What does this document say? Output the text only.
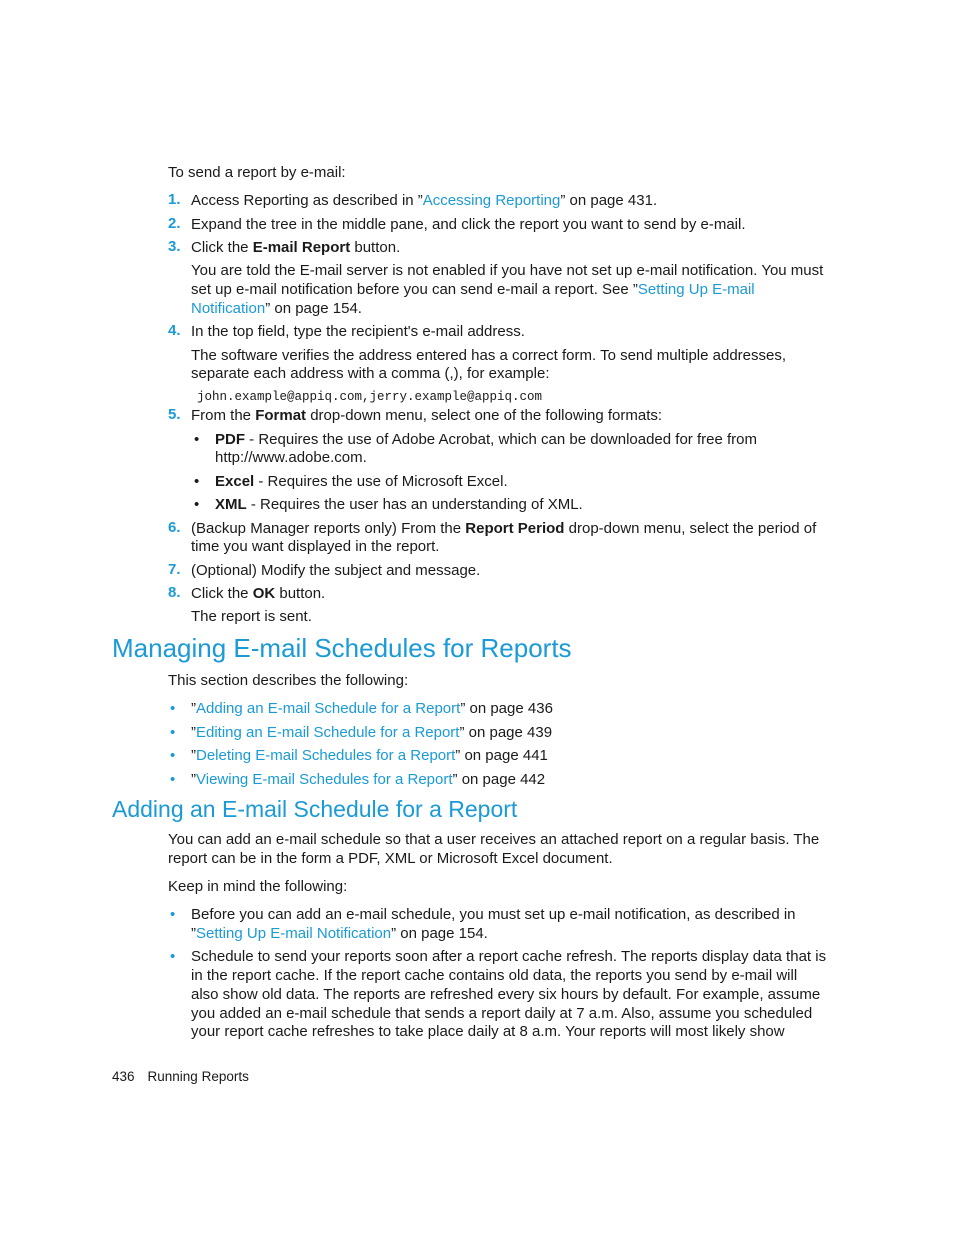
To send a report by e-mail:
1. Access Reporting as described in ”Accessing Reporting” on page 431.
2. Expand the tree in the middle pane, and click the report you want to send by e-mail.
3. Click the E-mail Report button.
You are told the E-mail server is not enabled if you have not set up e-mail notification. You must
set up e-mail notification before you can send e-mail a report. See ”Setting Up E-mail
Notification” on page 154.
4. In the top field, type the recipient's e-mail address.
The software verifies the address entered has a correct form. To send multiple addresses,
separate each address with a comma (,), for example:
john.example@appiq.com,jerry.example@appiq.com
5. From the Format drop-down menu, select one of the following formats:
• PDF - Requires the use of Adobe Acrobat, which can be downloaded for free from
http://www.adobe.com.
• Excel - Requires the use of Microsoft Excel.
• XML - Requires the user has an understanding of XML.
6. (Backup Manager reports only) From the Report Period drop-down menu, select the period of
time you want displayed in the report.
7. (Optional) Modify the subject and message.
8. Click the OK button.
The report is sent.
Managing E-mail Schedules for Reports
This section describes the following:
• ”Adding an E-mail Schedule for a Report” on page 436
• ”Editing an E-mail Schedule for a Report” on page 439
• ”Deleting E-mail Schedules for a Report” on page 441
• ”Viewing E-mail Schedules for a Report” on page 442
Adding an E-mail Schedule for a Report
You can add an e-mail schedule so that a user receives an attached report on a regular basis. The
report can be in the form a PDF, XML or Microsoft Excel document.
Keep in mind the following:
• Before you can add an e-mail schedule, you must set up e-mail notification, as described in
”Setting Up E-mail Notification” on page 154.
• Schedule to send your reports soon after a report cache refresh. The reports display data that is
in the report cache. If the report cache contains old data, the reports you send by e-mail will
also show old data. The reports are refreshed every six hours by default. For example, assume
you added an e-mail schedule that sends a report daily at 7 a.m. Also, assume you scheduled
your report cache refreshes to take place daily at 8 a.m. Your reports will most likely show
436 Running Reports
